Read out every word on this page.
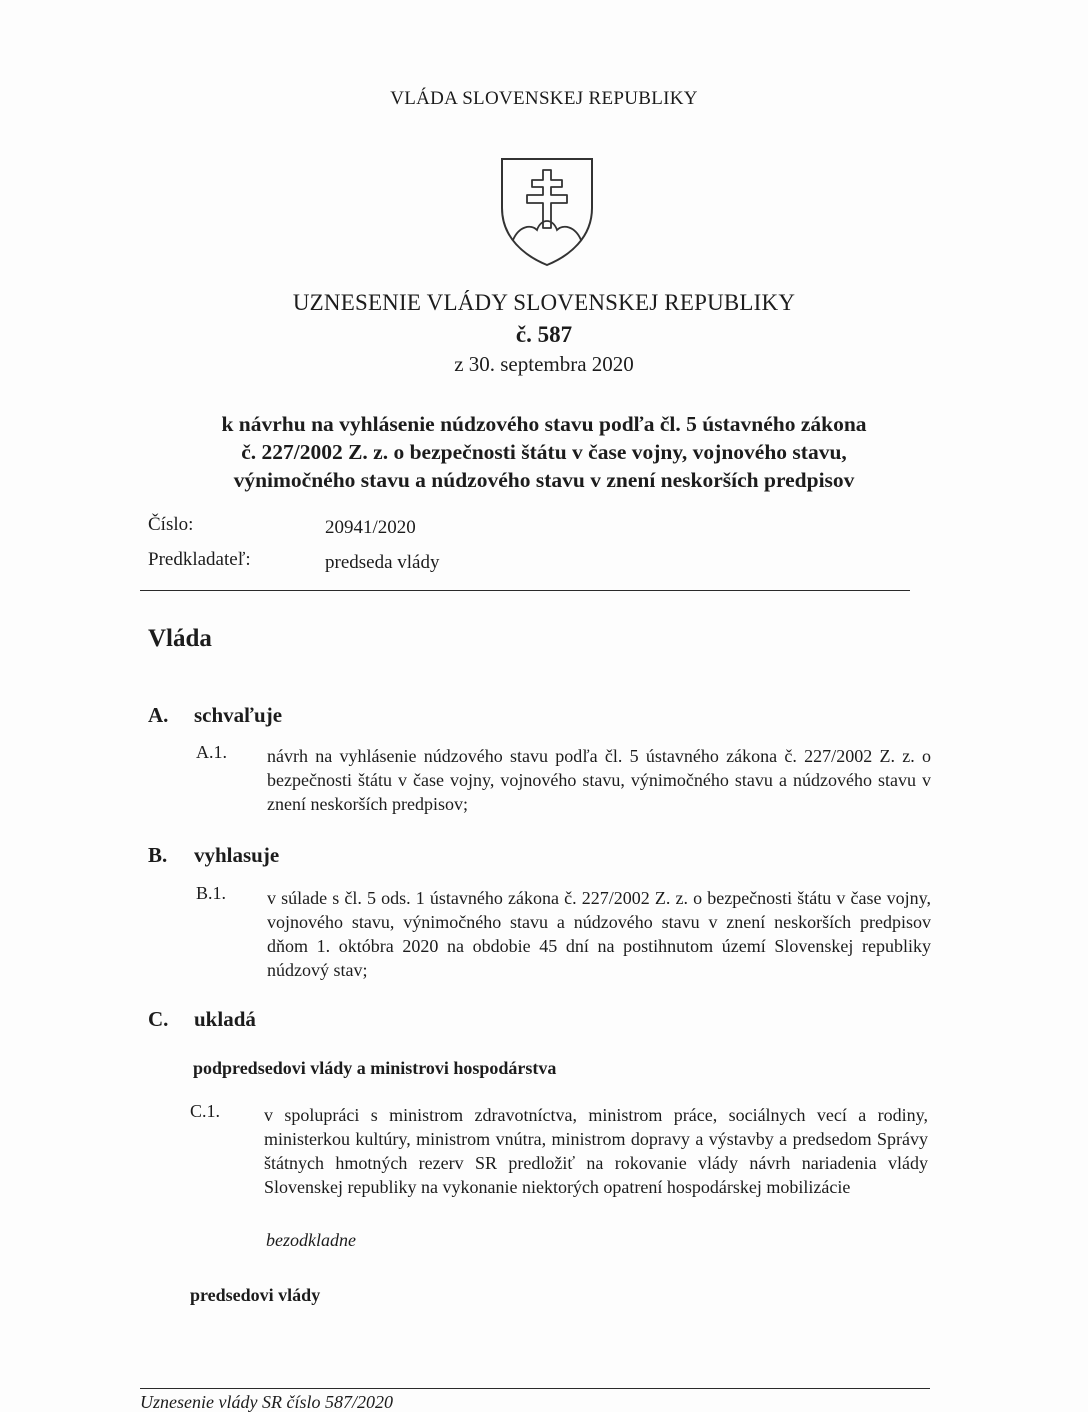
VLÁDA SLOVENSKEJ REPUBLIKY
UZNESENIE VLÁDY SLOVENSKEJ REPUBLIKY
č. 587
z 30. septembra 2020
k návrhu na vyhlásenie núdzového stavu podľa čl. 5 ústavného zákona
č. 227/2002 Z. z. o bezpečnosti štátu v čase vojny, vojnového stavu,
výnimočného stavu a núdzového stavu v znení neskorších predpisov
Číslo:	20941/2020
Predkladateľ:	predseda vlády
Vláda
A. schvaľuje
A.1. návrh na vyhlásenie núdzového stavu podľa čl. 5 ústavného zákona č. 227/2002 Z. z. o bezpečnosti štátu v čase vojny, vojnového stavu, výnimočného stavu a núdzového stavu v znení neskorších predpisov;
B. vyhlasuje
B.1. v súlade s čl. 5 ods. 1 ústavného zákona č. 227/2002 Z. z. o bezpečnosti štátu v čase vojny, vojnového stavu, výnimočného stavu a núdzového stavu v znení neskorších predpisov dňom 1. októbra 2020 na obdobie 45 dní na postihnutom území Slovenskej republiky núdzový stav;
C. ukladá
podpredsedovi vlády a ministrovi hospodárstva
C.1. v spolupráci s ministrom zdravotníctva, ministrom práce, sociálnych vecí a rodiny, ministerkou kultúry, ministrom vnútra, ministrom dopravy a výstavby a predsedom Správy štátnych hmotných rezerv SR predložiť na rokovanie vlády návrh nariadenia vlády Slovenskej republiky na vykonanie niektorých opatrení hospodárskej mobilizácie
bezodkladne
predsedovi vlády
Uznesenie vlády SR číslo 587/2020
